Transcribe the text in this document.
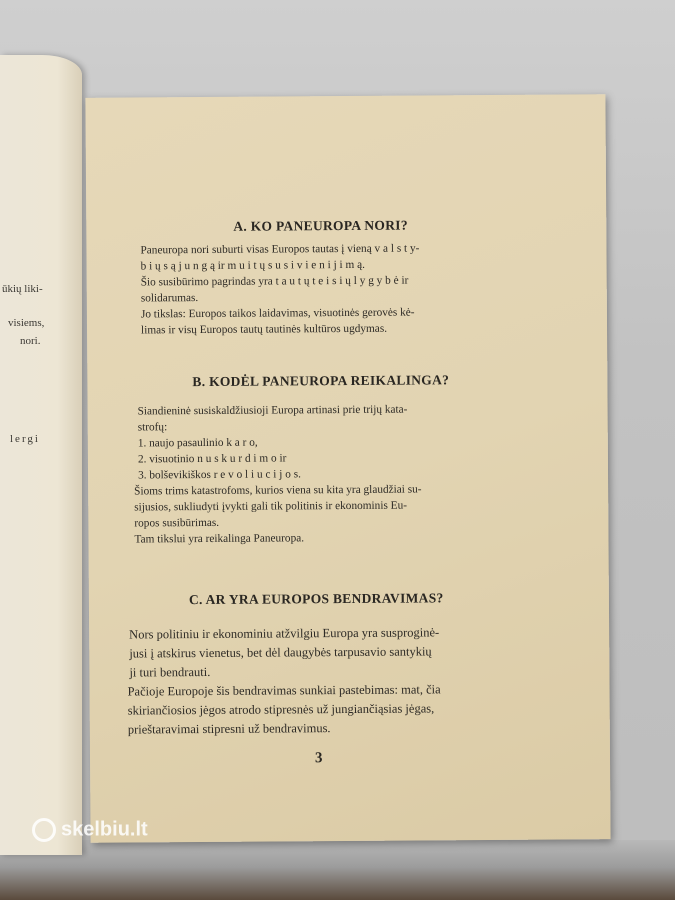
ūkių liki-
visiems,
nori.
lergi
A. KO PANEUROPA NORI?
Paneuropa nori suburti visas Europos tautas į vieną v a l s t y-
b i ų s ą j u n g ą ir m u i t ų s u s i v i e n i j i m ą.
Šio susibūrimo pagrindas yra t a u t ų t e i s i ų l y g y b ė ir
solidarumas.
Jo tikslas: Europos taikos laidavimas, visuotinės gerovės kė-
limas ir visų Europos tautų tautinės kultūros ugdymas.
B. KODĖL PANEUROPA REIKALINGA?
Siandieninė susiskaldžiusioji Europa artinasi prie trijų kata-
strofų:
1. naujo pasaulinio k a r o,
2. visuotinio n u s k u r d i m o ir
3. bolševikiškos r e v o l i u c i j o s.
Šioms trims katastrofoms, kurios viena su kita yra glaudžiai su-
sijusios, sukliudyti įvykti gali tik politinis ir ekonominis Eu-
ropos susibūrimas.
Tam tikslui yra reikalinga Paneuropa.
C. AR YRA EUROPOS BENDRAVIMAS?
Nors politiniu ir ekonominiu atžvilgiu Europa yra susproginė-
jusi į atskirus vienetus, bet dėl daugybės tarpusavio santykių
ji turi bendrauti.
Pačioje Europoje šis bendravimas sunkiai pastebimas: mat, čia
skiriančiosios jėgos atrodo stipresnės už jungiančiąsias jėgas,
prieštaravimai stipresni už bendravimus.
3
skelbiu.lt
